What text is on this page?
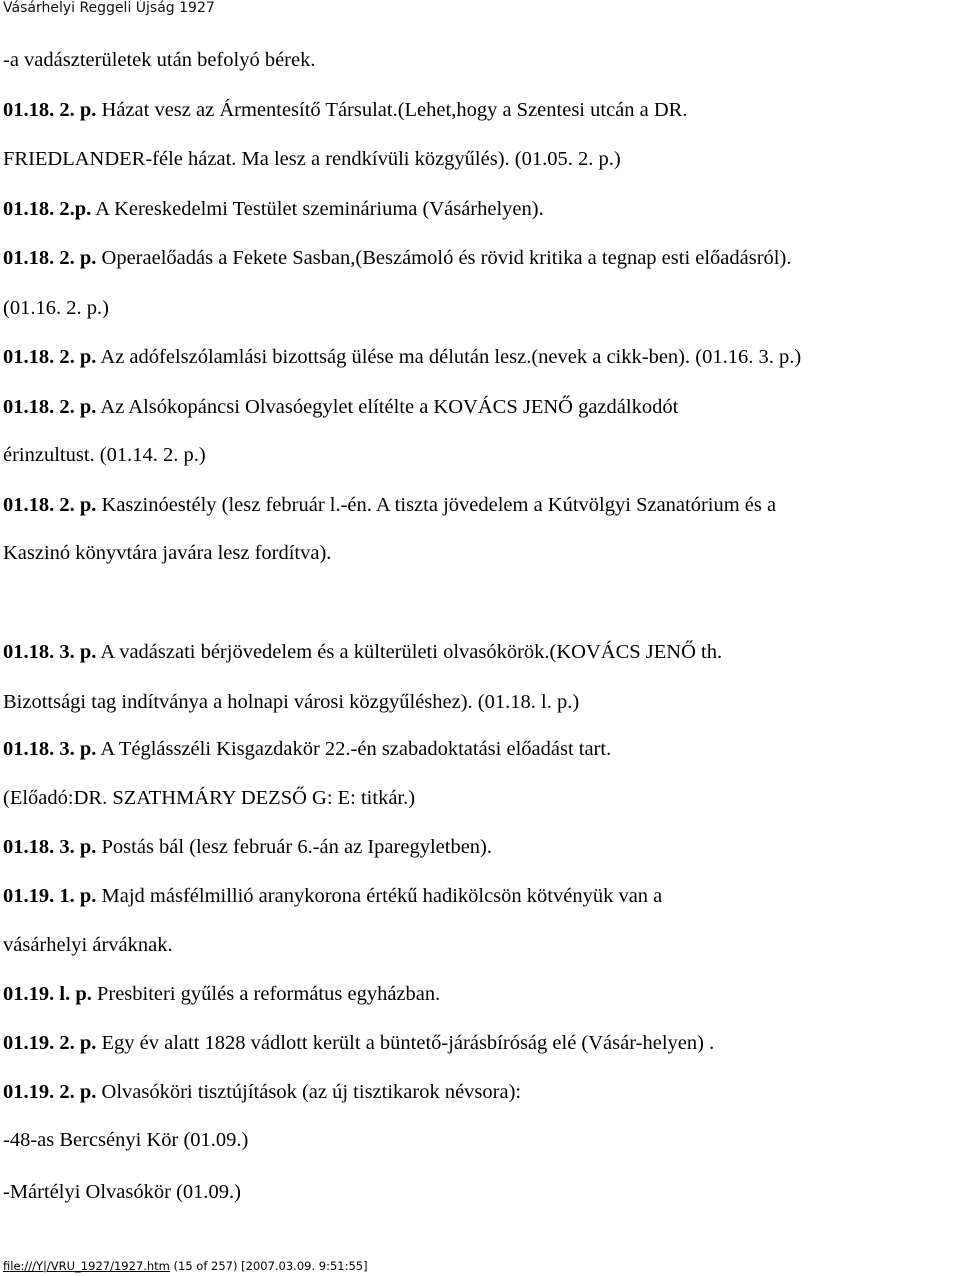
Vásárhelyi Reggeli Újság 1927
-a vadászterületek után befolyó bérek.
01.18. 2. p. Házat vesz az Ármentesítő Társulat.(Lehet,hogy a Szentesi utcán a DR.
FRIEDLANDER-féle házat. Ma lesz a rendkívüli közgyűlés). (01.05. 2. p.)
01.18. 2.p. A Kereskedelmi Testület szemináriuma (Vásárhelyen).
01.18. 2. p. Operaelőadás a Fekete Sasban,(Beszámoló és rövid kritika a tegnap esti előadásról).
(01.16. 2. p.)
01.18. 2. p. Az adófelszólamlási bizottság ülése ma délután lesz.(nevek a cikk-ben). (01.16. 3. p.)
01.18. 2. p. Az Alsókopáncsi Olvasóegylet elítélte a KOVÁCS JENŐ gazdálkodót
érinzultust. (01.14. 2. p.)
01.18. 2. p. Kaszinóestély (lesz február l.-én. A tiszta jövedelem a Kútvölgyi Szanatórium és a
Kaszinó könyvtára javára lesz fordítva).
01.18. 3. p. A vadászati bérjövedelem és a külterületi olvasókörök.(KOVÁCS JENŐ th.
Bizottsági tag indítványa a holnapi városi közgyűléshez). (01.18. l. p.)
01.18. 3. p. A Téglásszéli Kisgazdakör 22.-én szabadoktatási előadást tart.
(Előadó:DR. SZATHMÁRY DEZSŐ G: E: titkár.)
01.18. 3. p. Postás bál (lesz február 6.-án az Iparegyletben).
01.19. 1. p. Majd másfélmillió aranykorona értékű hadikölcsön kötvényük van a
vásárhelyi árváknak.
01.19. l. p. Presbiteri gyűlés a református egyházban.
01.19. 2. p. Egy év alatt 1828 vádlott került a büntető-járásbíróság elé (Vásár-helyen) .
01.19. 2. p. Olvasóköri tisztújítások (az új tisztikarok névsora):
-48-as Bercsényi Kör (01.09.)
-Mártélyi Olvasókör (01.09.)
file:///Y|/VRU_1927/1927.htm (15 of 257) [2007.03.09. 9:51:55]
